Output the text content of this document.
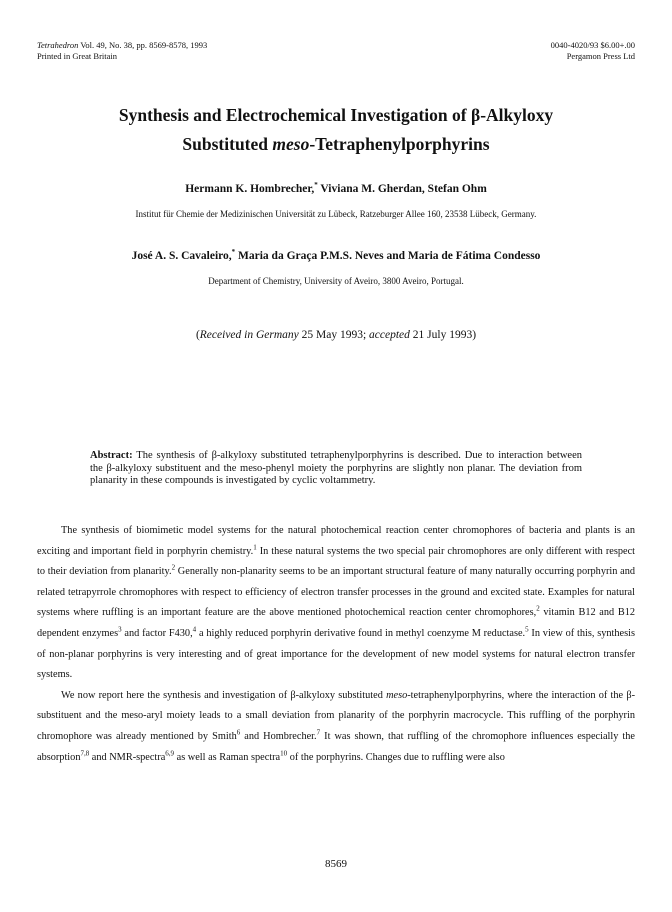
Tetrahedron Vol. 49, No. 38, pp. 8569-8578, 1993
Printed in Great Britain
0040-4020/93 $6.00+.00
Pergamon Press Ltd
Synthesis and Electrochemical Investigation of β-Alkyloxy
Substituted meso-Tetraphenylporphyrins
Hermann K. Hombrecher,* Viviana M. Gherdan, Stefan Ohm
Institut für Chemie der Medizinischen Universität zu Lübeck, Ratzeburger Allee 160, 23538 Lübeck, Germany.
José A. S. Cavaleiro,* Maria da Graça P.M.S. Neves and Maria de Fátima Condesso
Department of Chemistry, University of Aveiro, 3800 Aveiro, Portugal.
(Received in Germany 25 May 1993; accepted 21 July 1993)
Abstract: The synthesis of β-alkyloxy substituted tetraphenylporphyrins is described. Due to interaction between the β-alkyloxy substituent and the meso-phenyl moiety the porphyrins are slightly non planar. The deviation from planarity in these compounds is investigated by cyclic voltammetry.

The synthesis of biomimetic model systems for the natural photochemical reaction center chromophores of bacteria and plants is an exciting and important field in porphyrin chemistry.$^1$ In these natural systems the two special pair chromophores are only different with respect to their deviation from planarity.$^2$ Generally non-planarity seems to be an important structural feature of many naturally occurring porphyrin and related tetrapyrrole chromophores with respect to efficiency of electron transfer processes in the ground and excited state. Examples for natural systems where ruffling is an important feature are the above mentioned photochemical reaction center chromophores,$^2$ vitamin B12 and B12 dependent enzymes$^3$ and factor F430,$^4$ a highly reduced porphyrin derivative found in methyl coenzyme M reductase.$^5$ In view of this, synthesis of non-planar porphyrins is very interesting and of great importance for the development of new model systems for natural electron transfer systems.

We now report here the synthesis and investigation of β-alkyloxy substituted meso-tetraphenylporphyrins, where the interaction of the β-substituent and the meso-aryl moiety leads to a small deviation from planarity of the porphyrin macrocycle. This ruffling of the porphyrin chromophore was already mentioned by Smith$^6$ and Hombrecher.$^7$ It was shown, that ruffling of the chromophore influences especially the absorption$^{7,8}$ and NMR-spectra$^{6,9}$ as well as Raman spectra$^{10}$ of the porphyrins. Changes due to ruffling were also

8569
